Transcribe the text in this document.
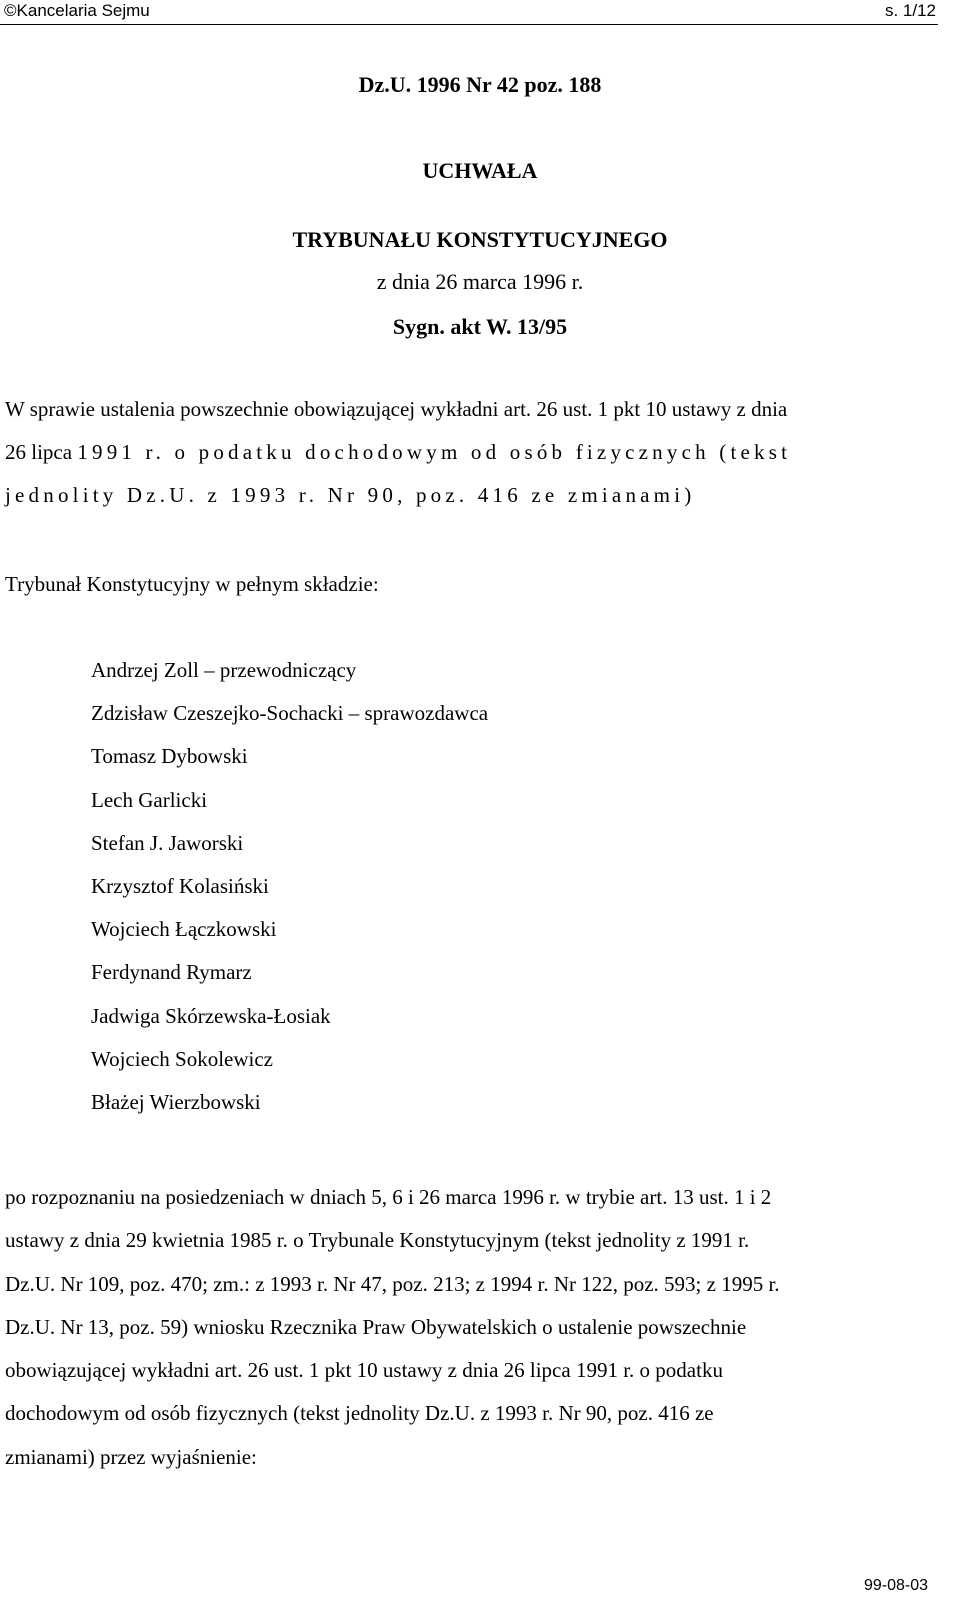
©Kancelaria Sejmu	s. 1/12
Dz.U. 1996 Nr 42 poz. 188
UCHWAŁA
TRYBUNAŁU KONSTYTUCYJNEGO
z dnia 26 marca 1996 r.
Sygn. akt W. 13/95
W sprawie ustalenia powszechnie obowiązującej wykładni art. 26 ust. 1 pkt 10 ustawy z dnia
26 lipca 1991 r. o podatku dochodowym od osób fizycznych (tekst
jednolity Dz.U. z 1993 r. Nr 90, poz. 416 ze zmianami)
Trybunał Konstytucyjny w pełnym składzie:
Andrzej Zoll – przewodniczący
Zdzisław Czeszejko-Sochacki – sprawozdawca
Tomasz Dybowski
Lech Garlicki
Stefan J. Jaworski
Krzysztof Kolasiński
Wojciech Łączkowski
Ferdynand Rymarz
Jadwiga Skórzewska-Łosiak
Wojciech Sokolewicz
Błażej Wierzbowski
po rozpoznaniu na posiedzeniach w dniach 5, 6 i 26 marca 1996 r. w trybie art. 13 ust. 1 i 2
ustawy z dnia 29 kwietnia 1985 r. o Trybunale Konstytucyjnym (tekst jednolity z 1991 r.
Dz.U. Nr 109, poz. 470; zm.: z 1993 r. Nr 47, poz. 213; z 1994 r. Nr 122, poz. 593; z 1995 r.
Dz.U. Nr 13, poz. 59) wniosku Rzecznika Praw Obywatelskich o ustalenie powszechnie
obowiązującej wykładni art. 26 ust. 1 pkt 10 ustawy z dnia 26 lipca 1991 r. o podatku
dochodowym od osób fizycznych (tekst jednolity Dz.U. z 1993 r. Nr 90, poz. 416 ze
zmianami) przez wyjaśnienie:
99-08-03
